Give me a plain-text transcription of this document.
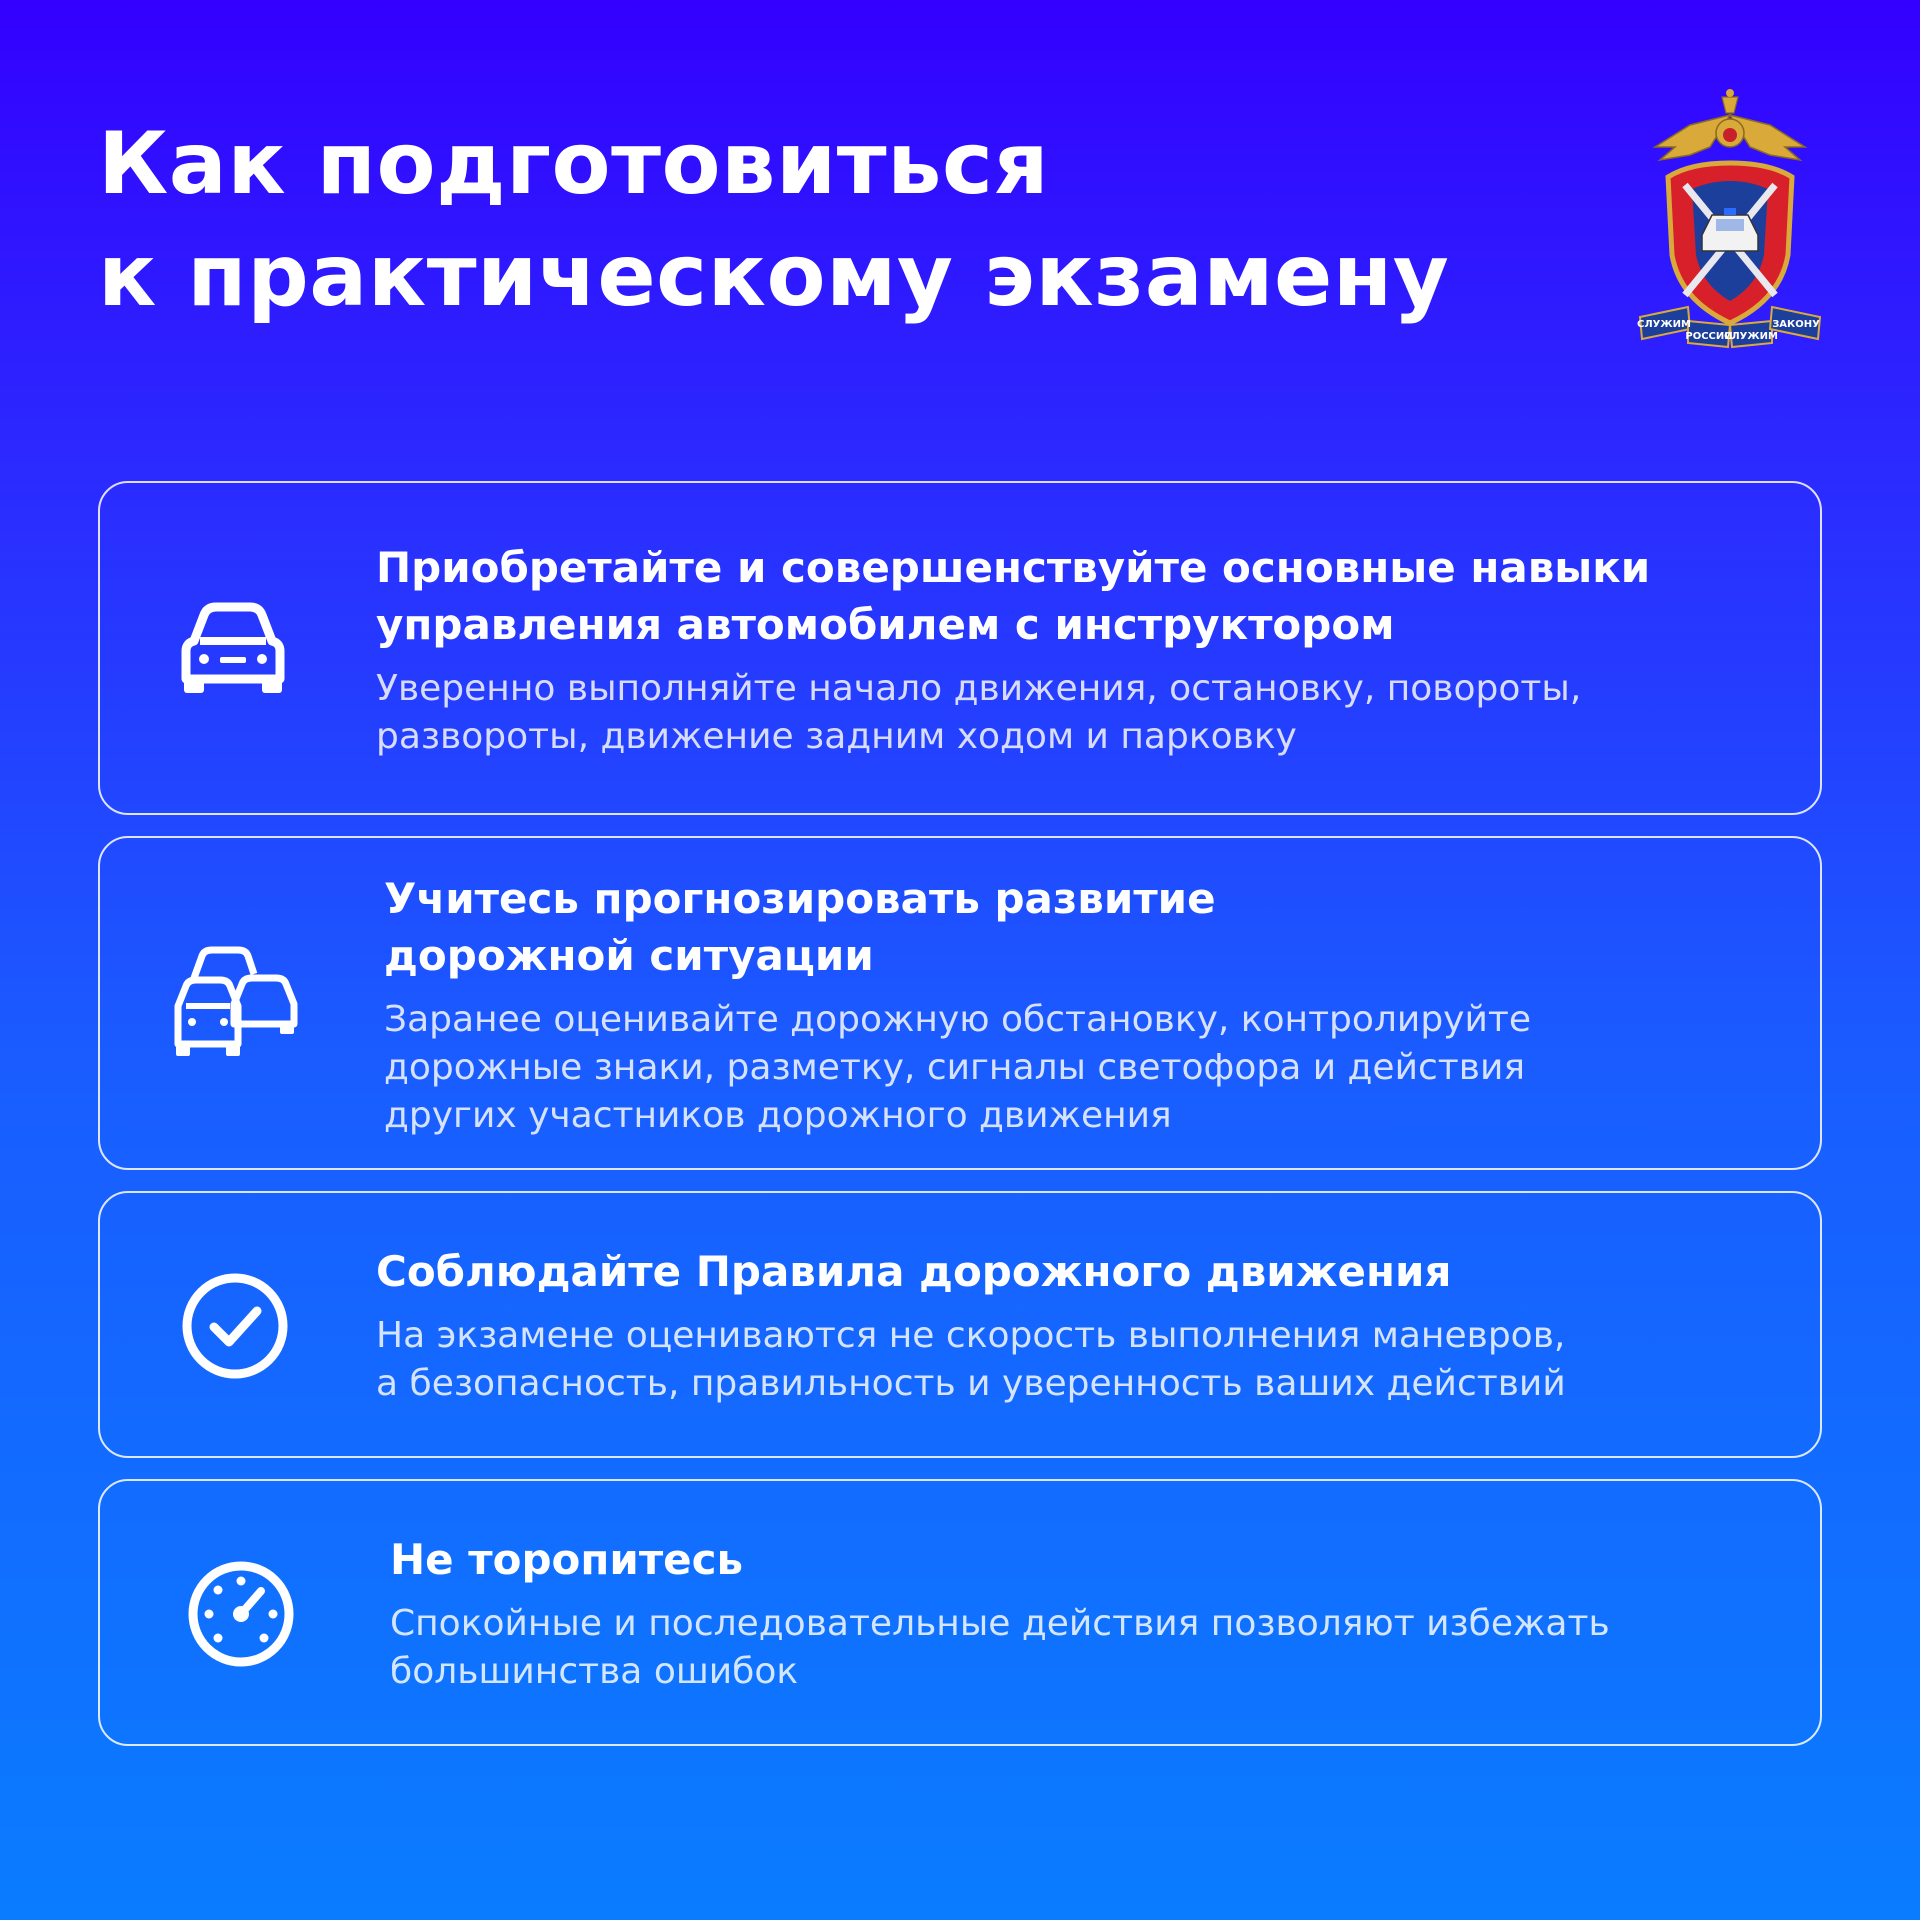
Как подготовиться
к практическому экзамену	СЛУЖИМ
РОССИИ
СЛУЖИМ
ЗАКОНУ
Приобретайте и совершенствуйте основные навыки
управления автомобилем с инструктором

Уверенно выполняйте начало движения, остановку, повороты,
развороты, движение задним ходом и парковку

Учитесь прогнозировать развитие
дорожной ситуации

Заранее оценивайте дорожную обстановку, контролируйте
дорожные знаки, разметку, сигналы светофора и действия
других участников дорожного движения

Соблюдайте Правила дорожного движения

На экзамене оцениваются не скорость выполнения маневров,
а безопасность, правильность и уверенность ваших действий

Не торопитесь

Спокойные и последовательные действия позволяют избежать
большинства ошибок
